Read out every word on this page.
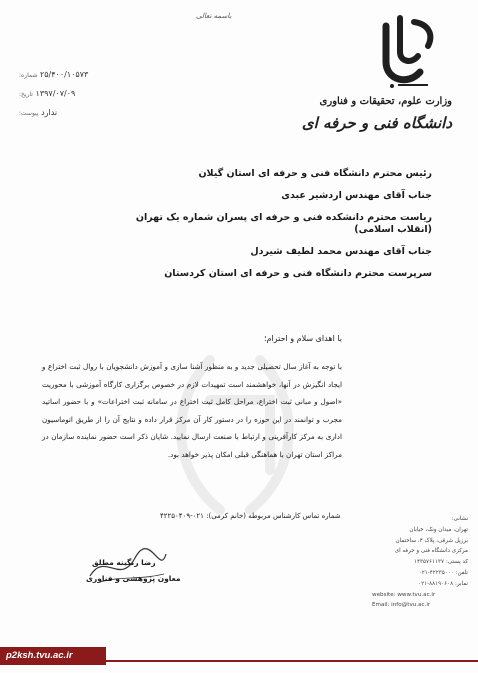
باسمه تعالی
۲۵/۴۰۰/۱۰۵۷۳ شماره:
۱۳۹۷/۰۷/۰۹ تاریخ:
ندارد پیوست:
وزارت علوم، تحقیقات و فناوری
دانشگاه فنی و حرفه ای
رئیس محترم دانشگاه فنی و حرفه ای استان گیلان
جناب آقای مهندس اردشیر عبدی
ریاست محترم دانشکده فنی و حرفه ای پسران شماره یک تهران (انقلاب اسلامی)
جناب آقای مهندس محمد لطیف شیردل
سرپرست محترم دانشگاه فنی و حرفه ای استان کردستان
با اهدای سلام و احترام؛
با توجه به آغاز سال تحصیلی جدید و به منظور آشنا سازی و آموزش دانشجویان با روال ثبت اختراع و ایجاد انگیزش در آنها، خواهشمند است تمهیدات لازم در خصوص برگزاری کارگاه آموزشی با محوریت «اصول و مبانی ثبت اختراع، مراحل کامل ثبت اختراع در سامانه ثبت اختراعات» و با حضور اساتید مجرب و توانمند در این حوزه را در دستور کار آن مرکز قرار داده و نتایج آن را از طریق اتوماسیون اداری به مرکز کارآفرینی و ارتباط با صنعت ارسال نمایید. شایان ذکر است حضور نماینده سازمان در مراکز استان تهران با هماهنگی قبلی امکان پذیر خواهد بود.
شماره تماس کارشناس مربوطه (خانم کرمی): ۰۲۱-۴۲۲۵۰۴۰۹
رضا رنگینه مطلق
معاون پژوهشی و فناوری
نشانی:
تهران، میدان ونک، خیابان
برزیل شرقی، پلاک ۴، ساختمان
مرکزی دانشگاه فنی و حرفه ای
کد پستی: ۱۴۳۵۷۶۱۱۳۷
تلفن: ۴۲۲۳۵۰۰۰-۰۲۱
نمابر: ۸۸۱۹۰۶۰۸-۰۲۱
website: www.tvu.ac.ir
Email: info@tvu.ac.ir
p2ksh.tvu.ac.ir
